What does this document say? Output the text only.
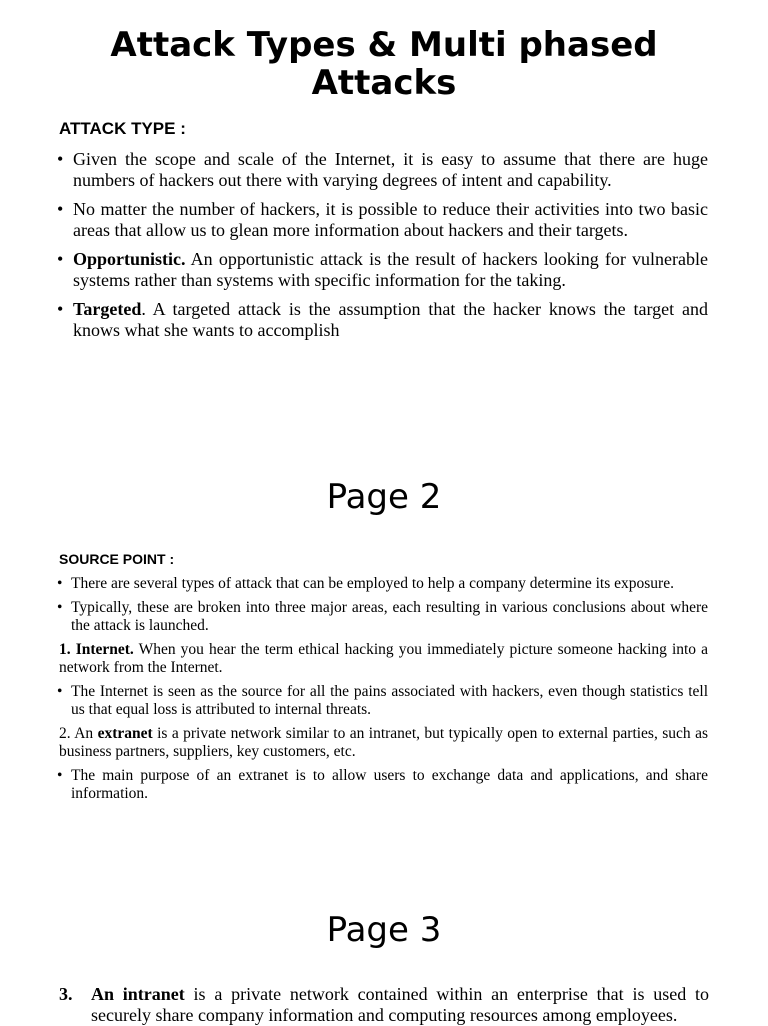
Attack Types & Multi phased Attacks
ATTACK TYPE :
• Given the scope and scale of the Internet, it is easy to assume that there are huge numbers of hackers out there with varying degrees of intent and capability.
• No matter the number of hackers, it is possible to reduce their activities into two basic areas that allow us to glean more information about hackers and their targets.
• Opportunistic. An opportunistic attack is the result of hackers looking for vulnerable systems rather than systems with specific information for the taking.
• Targeted. A targeted attack is the assumption that the hacker knows the target and knows what she wants to accomplish
Page 2
SOURCE POINT :
• There are several types of attack that can be employed to help a company determine its exposure.
• Typically, these are broken into three major areas, each resulting in various conclusions about where the attack is launched.
1. Internet. When you hear the term ethical hacking you immediately picture someone hacking into a network from the Internet.
• The Internet is seen as the source for all the pains associated with hackers, even though statistics tell us that equal loss is attributed to internal threats.
2. An extranet is a private network similar to an intranet, but typically open to external parties, such as business partners, suppliers, key customers, etc.
• The main purpose of an extranet is to allow users to exchange data and applications, and share information.
Page 3
3.	An intranet is a private network contained within an enterprise that is used to securely share company information and computing resources among employees.
